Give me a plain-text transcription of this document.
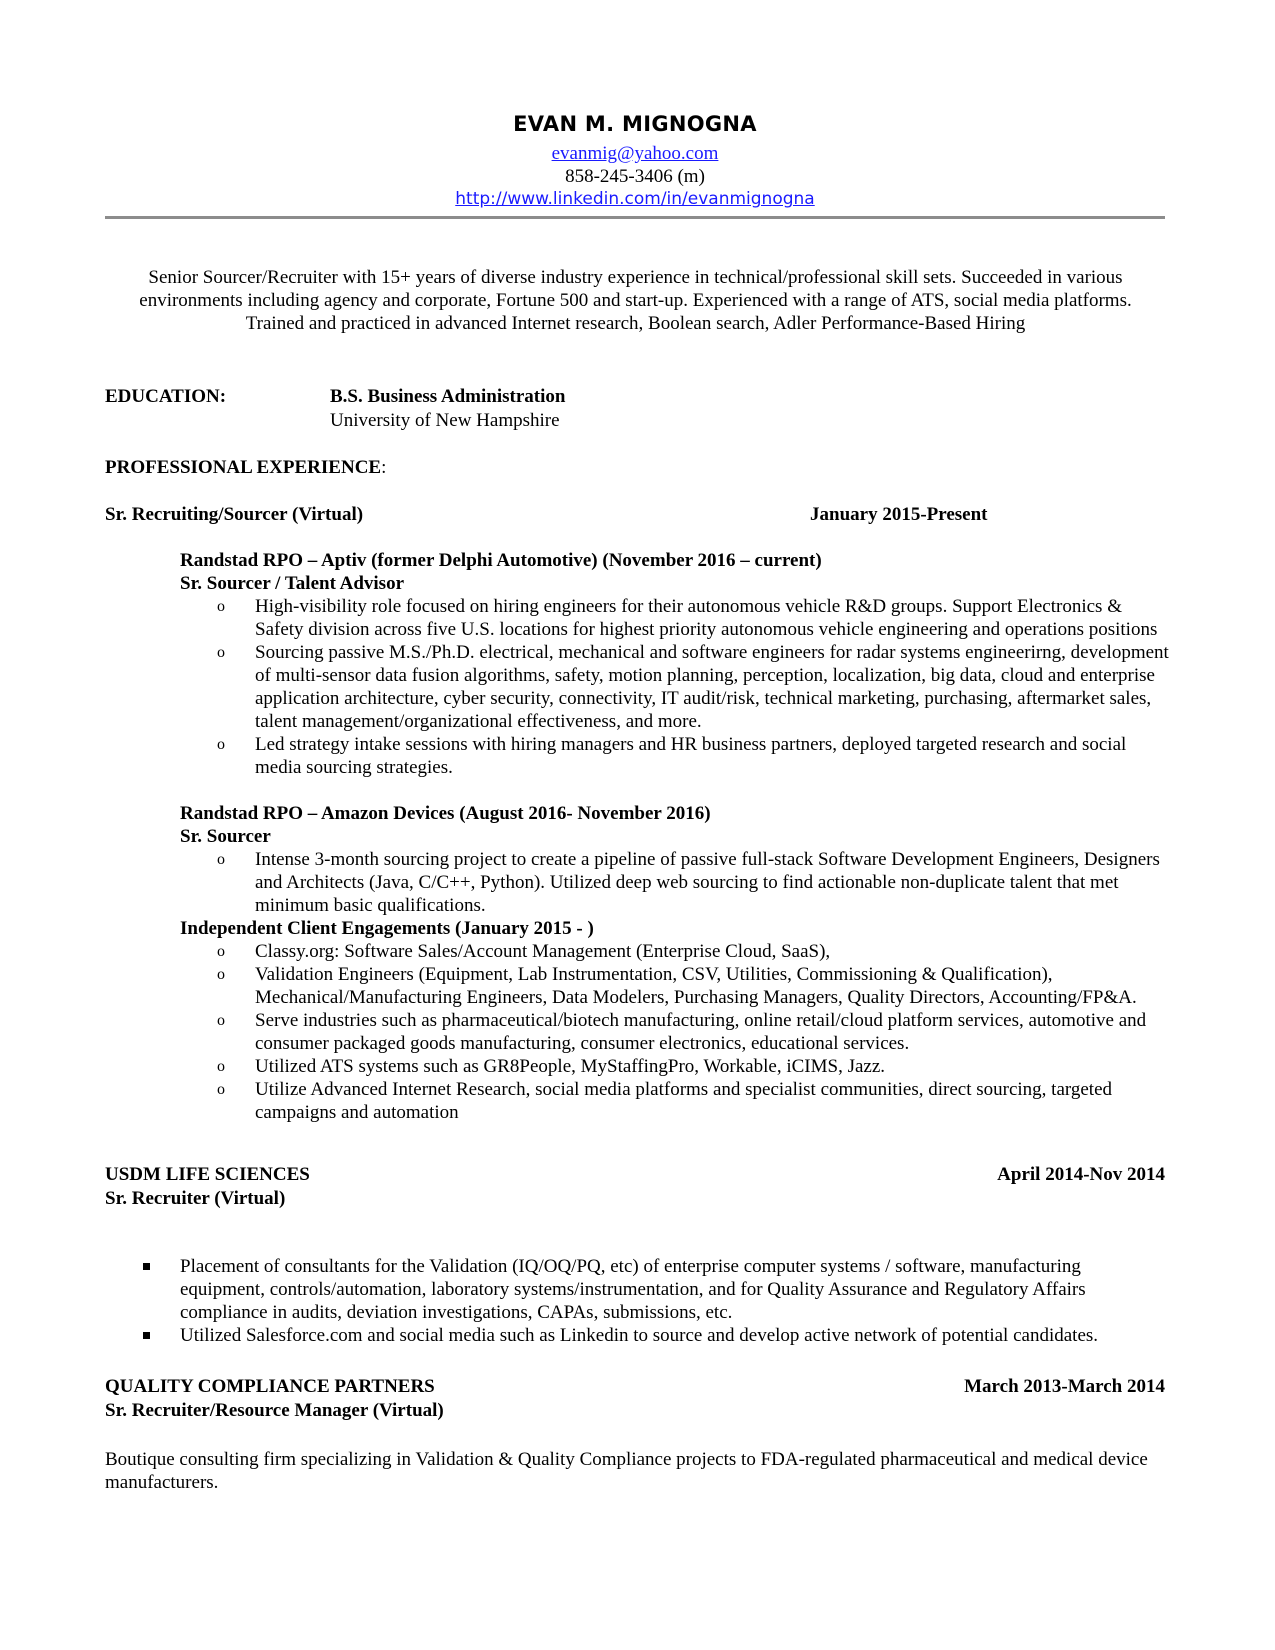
EVAN M. MIGNOGNA
evanmig@yahoo.com
858-245-3406 (m)
http://www.linkedin.com/in/evanmignogna
Senior Sourcer/Recruiter with 15+ years of diverse industry experience in technical/professional skill sets. Succeeded in various environments including agency and corporate, Fortune 500 and start-up. Experienced with a range of ATS, social media platforms. Trained and practiced in advanced Internet research, Boolean search, Adler Performance-Based Hiring
EDUCATION:	B.S. Business Administration
University of New Hampshire
PROFESSIONAL EXPERIENCE:
Sr. Recruiting/Sourcer (Virtual)	January 2015-Present
Randstad RPO – Aptiv (former Delphi Automotive) (November 2016 – current)
Sr. Sourcer / Talent Advisor
o High-visibility role focused on hiring engineers for their autonomous vehicle R&D groups. Support Electronics & Safety division across five U.S. locations for highest priority autonomous vehicle engineering and operations positions
o Sourcing passive M.S./Ph.D. electrical, mechanical and software engineers for radar systems engineerirng, development of multi-sensor data fusion algorithms, safety, motion planning, perception, localization, big data, cloud and enterprise application architecture, cyber security, connectivity, IT audit/risk, technical marketing, purchasing, aftermarket sales, talent management/organizational effectiveness, and more.
o Led strategy intake sessions with hiring managers and HR business partners, deployed targeted research and social media sourcing strategies.
Randstad RPO – Amazon Devices (August 2016- November 2016)
Sr. Sourcer
o Intense 3-month sourcing project to create a pipeline of passive full-stack Software Development Engineers, Designers and Architects (Java, C/C++, Python). Utilized deep web sourcing to find actionable non-duplicate talent that met minimum basic qualifications.
Independent Client Engagements (January 2015 - )
o Classy.org: Software Sales/Account Management (Enterprise Cloud, SaaS),
o Validation Engineers (Equipment, Lab Instrumentation, CSV, Utilities, Commissioning & Qualification), Mechanical/Manufacturing Engineers, Data Modelers, Purchasing Managers, Quality Directors, Accounting/FP&A.
o Serve industries such as pharmaceutical/biotech manufacturing, online retail/cloud platform services, automotive and consumer packaged goods manufacturing, consumer electronics, educational services.
o Utilized ATS systems such as GR8People, MyStaffingPro, Workable, iCIMS, Jazz.
o Utilize Advanced Internet Research, social media platforms and specialist communities, direct sourcing, targeted campaigns and automation
USDM LIFE SCIENCES	April 2014-Nov 2014
Sr. Recruiter (Virtual)
Placement of consultants for the Validation (IQ/OQ/PQ, etc) of enterprise computer systems / software, manufacturing equipment, controls/automation, laboratory systems/instrumentation, and for Quality Assurance and Regulatory Affairs compliance in audits, deviation investigations, CAPAs, submissions, etc.
Utilized Salesforce.com and social media such as Linkedin to source and develop active network of potential candidates.
QUALITY COMPLIANCE PARTNERS	March 2013-March 2014
Sr. Recruiter/Resource Manager (Virtual)
Boutique consulting firm specializing in Validation & Quality Compliance projects to FDA-regulated pharmaceutical and medical device manufacturers.
